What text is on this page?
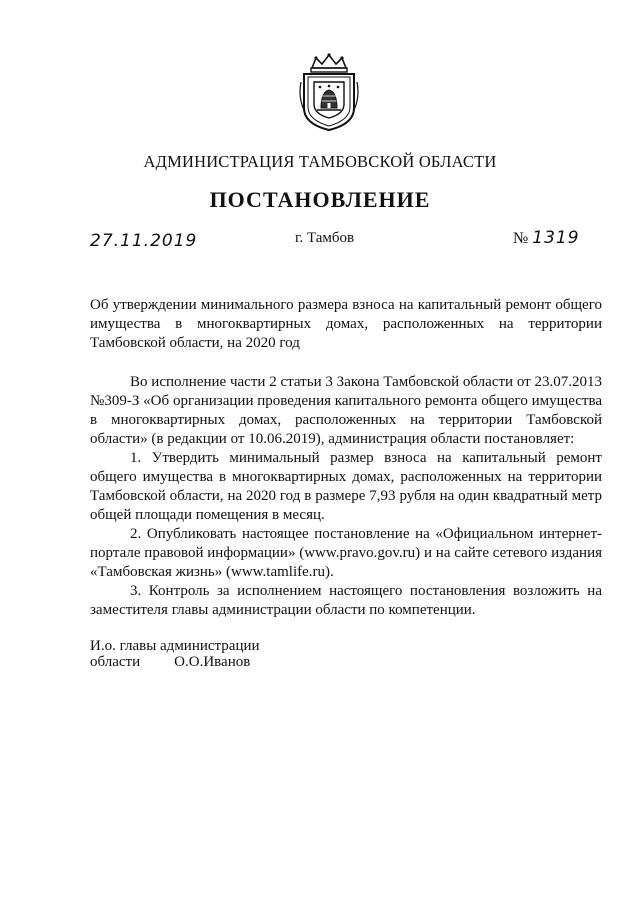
АДМИНИСТРАЦИЯ ТАМБОВСКОЙ ОБЛАСТИ
ПОСТАНОВЛЕНИЕ
27.11.2019	г. Тамбов	№ 1319
Об утверждении минимального размера взноса на капитальный ремонт общего имущества в многоквартирных домах, расположенных на территории Тамбовской области, на 2020 год

Во исполнение части 2 статьи 3 Закона Тамбовской области от 23.07.2013 №309-З «Об организации проведения капитального ремонта общего имущества в многоквартирных домах, расположенных на территории Тамбовской области» (в редакции от 10.06.2019), администрация области постановляет:

1. Утвердить минимальный размер взноса на капитальный ремонт общего имущества в многоквартирных домах, расположенных на территории Тамбовской области, на 2020 год в размере 7,93 рубля на один квадратный метр общей площади помещения в месяц.

2. Опубликовать настоящее постановление на «Официальном интернет-портале правовой информации» (www.pravo.gov.ru) и на сайте сетевого издания «Тамбовская жизнь» (www.tamlife.ru).

3. Контроль за исполнением настоящего постановления возложить на заместителя главы администрации области по компетенции.

И.о. главы администрации
области О.О.Иванов
